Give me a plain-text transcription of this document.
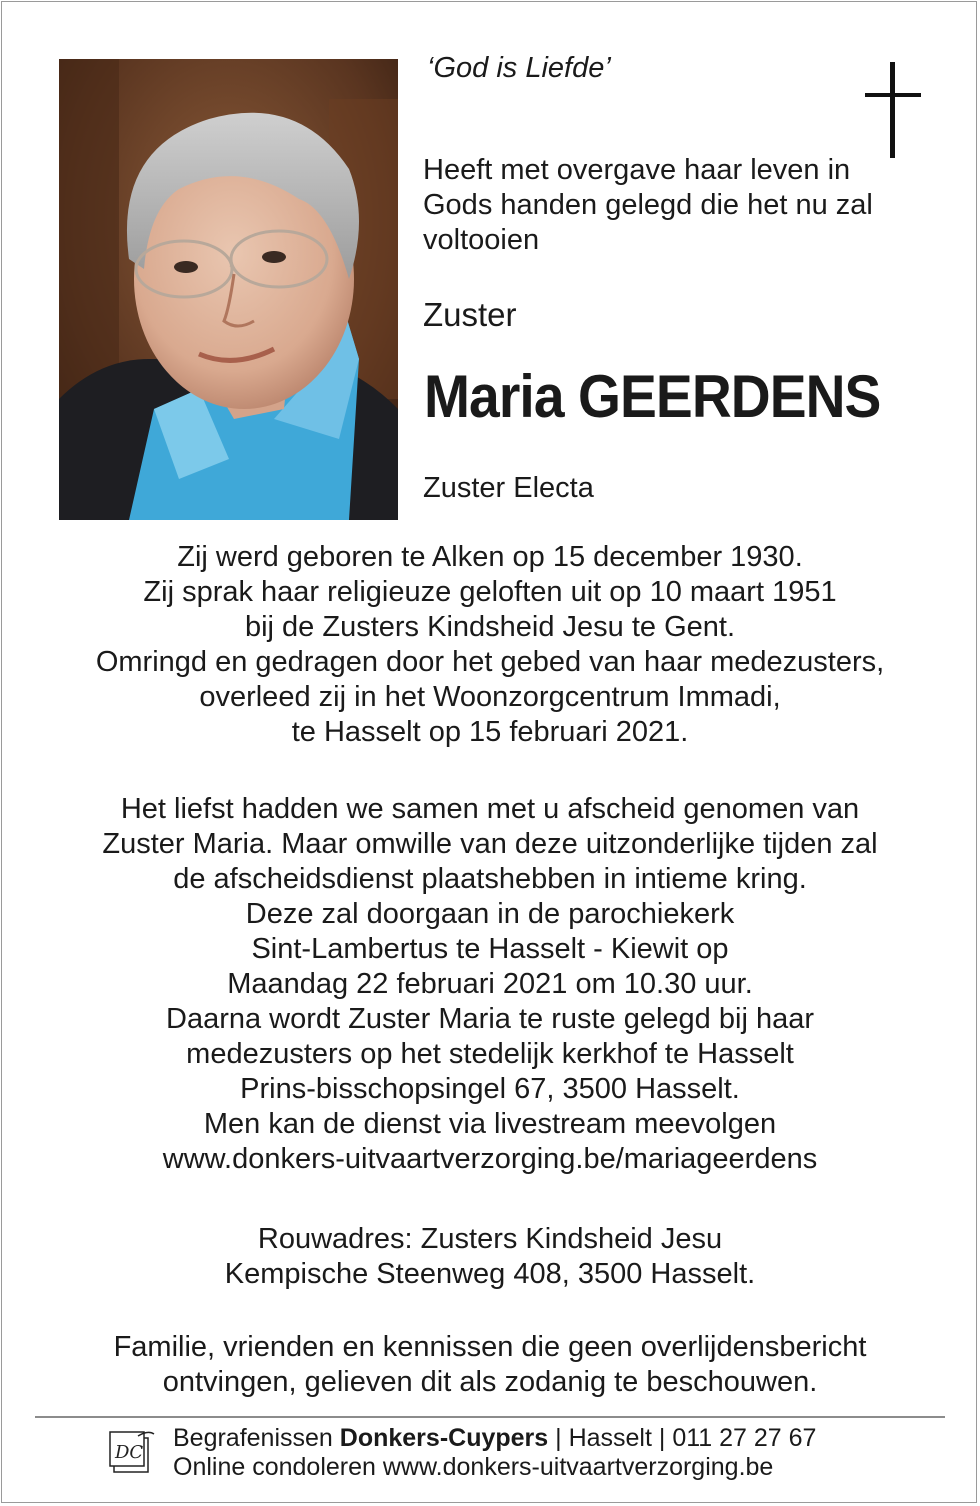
‘God is Liefde’
Heeft met overgave haar leven in
Gods handen gelegd die het nu zal
voltooien
Zuster
Maria GEERDENS
Zuster Electa
Zij werd geboren te Alken op 15 december 1930.
Zij sprak haar religieuze geloften uit op 10 maart 1951
bij de Zusters Kindsheid Jesu te Gent.
Omringd en gedragen door het gebed van haar medezusters,
overleed zij in het Woonzorgcentrum Immadi,
te Hasselt op 15 februari 2021.
Het liefst hadden we samen met u afscheid genomen van
Zuster Maria. Maar omwille van deze uitzonderlijke tijden zal
de afscheidsdienst plaatshebben in intieme kring.
Deze zal doorgaan in de parochiekerk
Sint-Lambertus te Hasselt - Kiewit op
Maandag 22 februari 2021 om 10.30 uur.
Daarna wordt Zuster Maria te ruste gelegd bij haar
medezusters op het stedelijk kerkhof te Hasselt
Prins-bisschopsingel 67, 3500 Hasselt.
Men kan de dienst via livestream meevolgen
www.donkers-uitvaartverzorging.be/mariageerdens
Rouwadres: Zusters Kindsheid Jesu
Kempische Steenweg 408, 3500 Hasselt.
Familie, vrienden en kennissen die geen overlijdensbericht
ontvingen, gelieven dit als zodanig te beschouwen.
DC
Begrafenissen Donkers-Cuypers | Hasselt | 011 27 27 67
Online condoleren www.donkers-uitvaartverzorging.be
